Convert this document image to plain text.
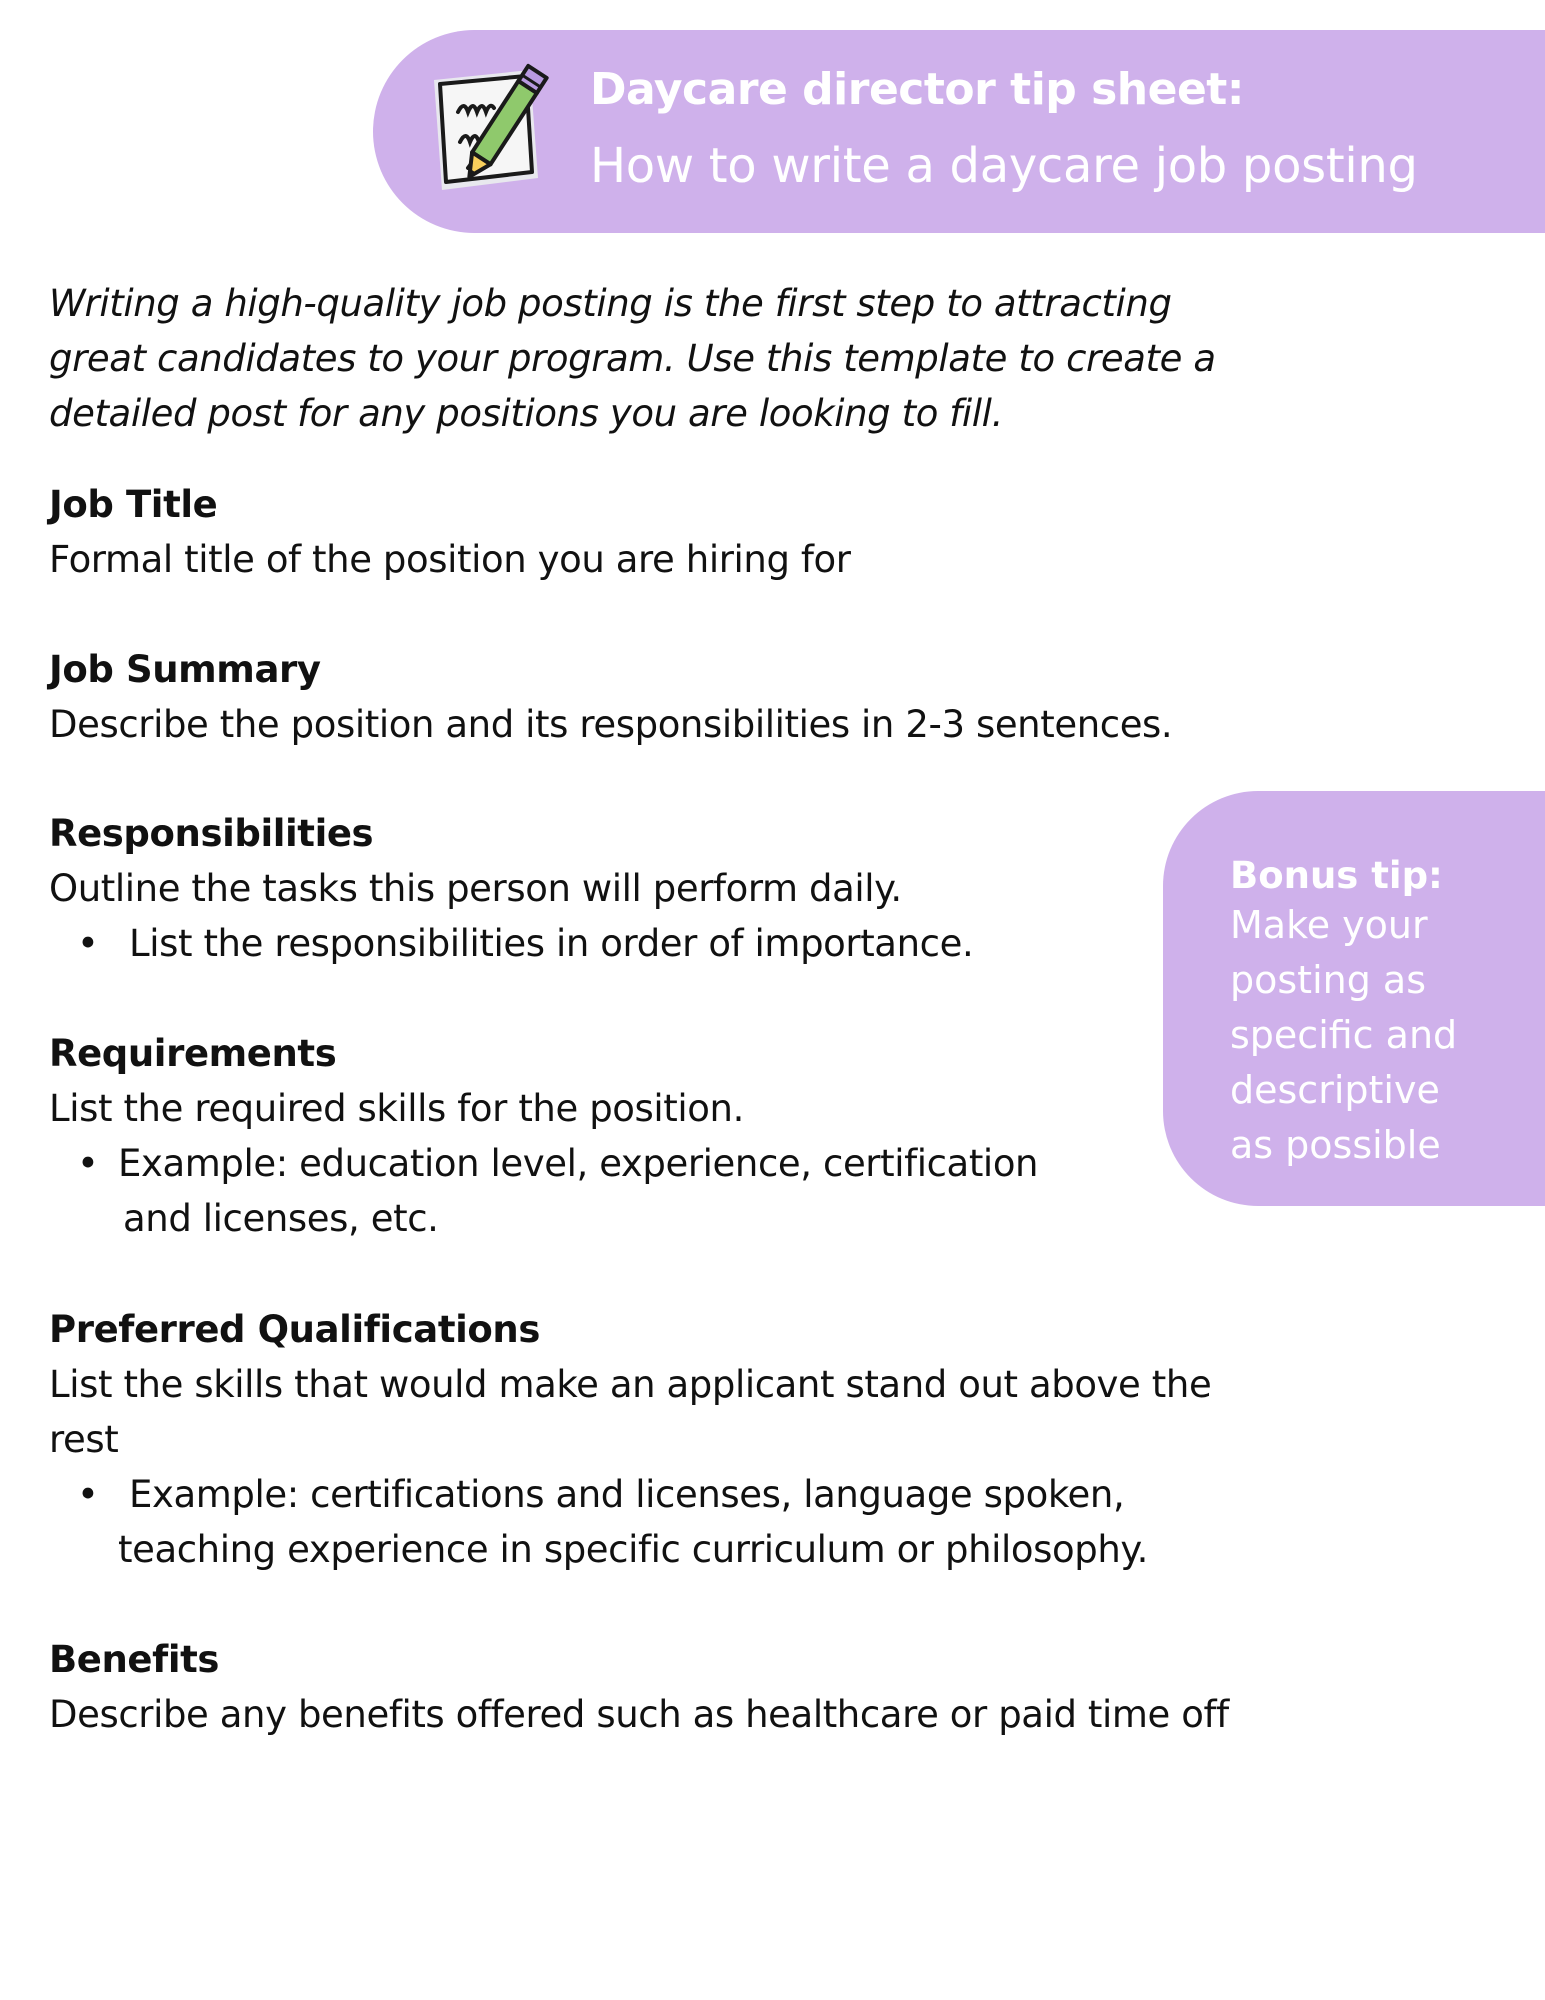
Daycare director tip sheet:
How to write a daycare job posting
Writing a high-quality job posting is the first step to attracting
great candidates to your program. Use this template to create a
detailed post for any positions you are looking to fill.
Job Title
Formal title of the position you are hiring for
Job Summary
Describe the position and its responsibilities in 2-3 sentences.
Responsibilities
Outline the tasks this person will perform daily.
• List the responsibilities in order of importance.
Requirements
List the required skills for the position.
• Example: education level, experience, certification
and licenses, etc.
Preferred Qualifications
List the skills that would make an applicant stand out above the
rest
• Example: certifications and licenses, language spoken,
teaching experience in specific curriculum or philosophy.
Benefits
Describe any benefits offered such as healthcare or paid time off
Bonus tip:
Make your
posting as
specific and
descriptive
as possible
